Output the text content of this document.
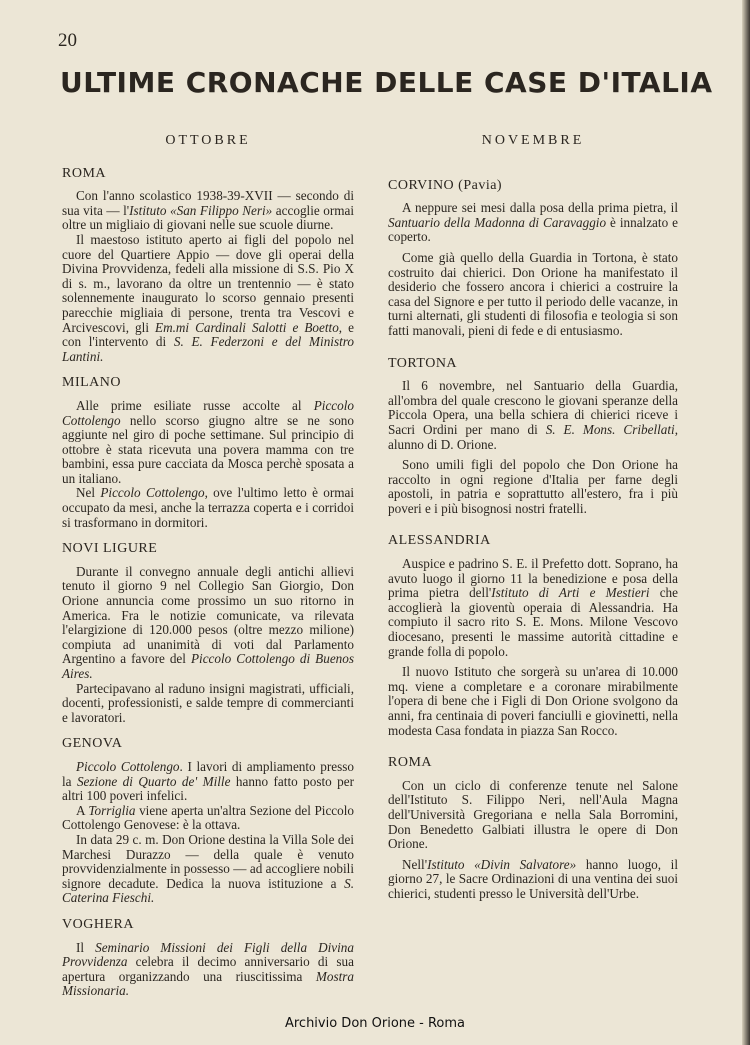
20
ULTIME CRONACHE DELLE CASE D'ITALIA
OTTOBRE
ROMA

Con l'anno scolastico 1938-39-XVII — secondo di sua vita — l'Istituto «San Filippo Neri» accoglie ormai oltre un migliaio di giovani nelle sue scuole diurne.

Il maestoso istituto aperto ai figli del popolo nel cuore del Quartiere Appio — dove gli operai della Divina Provvidenza, fedeli alla missione di S.S. Pio X di s. m., lavorano da oltre un trentennio — è stato solennemente inaugurato lo scorso gennaio presenti parecchie migliaia di persone, trenta tra Vescovi e Arcivescovi, gli Em.mi Cardinali Salotti e Boetto, e con l'intervento di S. E. Federzoni e del Ministro Lantini.

MILANO

Alle prime esiliate russe accolte al Piccolo Cottolengo nello scorso giugno altre se ne sono aggiunte nel giro di poche settimane. Sul principio di ottobre è stata ricevuta una povera mamma con tre bambini, essa pure cacciata da Mosca perchè sposata a un italiano.

Nel Piccolo Cottolengo, ove l'ultimo letto è ormai occupato da mesi, anche la terrazza coperta e i corridoi si trasformano in dormitori.

NOVI LIGURE

Durante il convegno annuale degli antichi allievi tenuto il giorno 9 nel Collegio San Giorgio, Don Orione annuncia come prossimo un suo ritorno in America. Fra le notizie comunicate, va rilevata l'elargizione di 120.000 pesos (oltre mezzo milione) compiuta ad unanimità di voti dal Parlamento Argentino a favore del Piccolo Cottolengo di Buenos Aires.

Partecipavano al raduno insigni magistrati, ufficiali, docenti, professionisti, e salde tempre di commercianti e lavoratori.

GENOVA

Piccolo Cottolengo. I lavori di ampliamento presso la Sezione di Quarto de' Mille hanno fatto posto per altri 100 poveri infelici.

A Torriglia viene aperta un'altra Sezione del Piccolo Cottolengo Genovese: è la ottava.

In data 29 c. m. Don Orione destina la Villa Sole dei Marchesi Durazzo — della quale è venuto provvidenzialmente in possesso — ad accogliere nobili signore decadute. Dedica la nuova istituzione a S. Caterina Fieschi.

VOGHERA

Il Seminario Missioni dei Figli della Divina Provvidenza celebra il decimo anniversario di sua apertura organizzando una riuscitissima Mostra Missionaria.

NOVEMBRE
CORVINO (Pavia)

A neppure sei mesi dalla posa della prima pietra, il Santuario della Madonna di Caravaggio è innalzato e coperto.

Come già quello della Guardia in Tortona, è stato costruito dai chierici. Don Orione ha manifestato il desiderio che fossero ancora i chierici a costruire la casa del Signore e per tutto il periodo delle vacanze, in turni alternati, gli studenti di filosofia e teologia si son fatti manovali, pieni di fede e di entusiasmo.

TORTONA

Il 6 novembre, nel Santuario della Guardia, all'ombra del quale crescono le giovani speranze della Piccola Opera, una bella schiera di chierici riceve i Sacri Ordini per mano di S. E. Mons. Cribellati, alunno di D. Orione.

Sono umili figli del popolo che Don Orione ha raccolto in ogni regione d'Italia per farne degli apostoli, in patria e soprattutto all'estero, fra i più poveri e i più bisognosi nostri fratelli.

ALESSANDRIA

Auspice e padrino S. E. il Prefetto dott. Soprano, ha avuto luogo il giorno 11 la benedizione e posa della prima pietra dell'Istituto di Arti e Mestieri che accoglierà la gioventù operaia di Alessandria. Ha compiuto il sacro rito S. E. Mons. Milone Vescovo diocesano, presenti le massime autorità cittadine e grande folla di popolo.

Il nuovo Istituto che sorgerà su un'area di 10.000 mq. viene a completare e a coronare mirabilmente l'opera di bene che i Figli di Don Orione svolgono da anni, fra centinaia di poveri fanciulli e giovinetti, nella modesta Casa fondata in piazza San Rocco.

ROMA

Con un ciclo di conferenze tenute nel Salone dell'Istituto S. Filippo Neri, nell'Aula Magna dell'Università Gregoriana e nella Sala Borromini, Don Benedetto Galbiati illustra le opere di Don Orione.

Nell'Istituto «Divin Salvatore» hanno luogo, il giorno 27, le Sacre Ordinazioni di una ventina dei suoi chierici, studenti presso le Università dell'Urbe.

Archivio Don Orione - Roma
